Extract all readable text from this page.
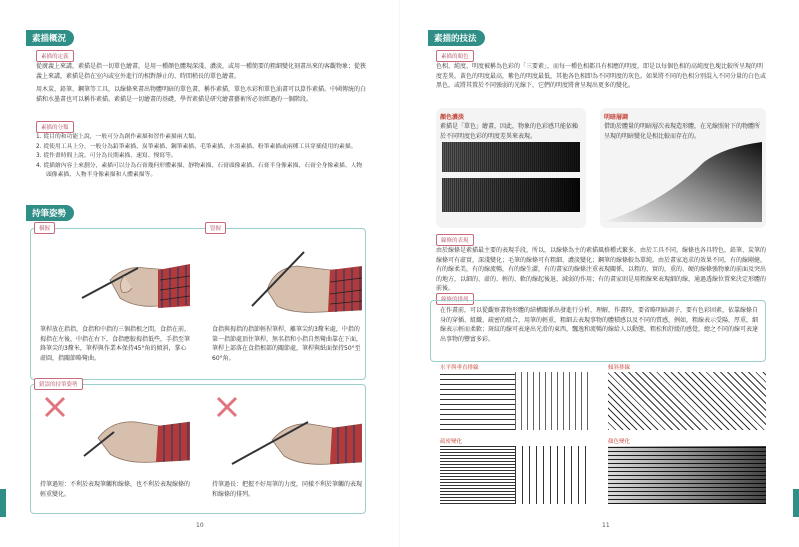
素描概況
素描的定義
從廣義上來講，素描是指一切單色繪畫，是用一種顏色體現深淺、濃淡，或用一種簡要的粗細變化刻畫出來的客觀物象；從狹義上來講，素描是指在室內或室外進行的相對靜止的、時間稍長的單色繪畫。
用木炭、鉛筆、鋼筆等工具，以線條來畫出物體明暗的單色畫，稱作素描，單色水彩和單色油畫可以算作素描。中國傳統的白描和水墨畫也可以稱作素描。素描是一切繪畫的基礎，學習素描是研究繪畫藝術所必須經過的一個階段。
素描的分類
1. 從目的和功能上說，一般可分為創作素描和習作素描兩大類。
2. 從使用工具上分，一般分為鉛筆素描、炭筆素描、鋼筆素描、毛筆素描、水墨素描、粉筆素描或兩種工具穿插使用的素描。
3. 從作畫時間上說，可分為長期素描、速寫、慢寫等。
4. 從描繪內容上來劃分，素描可以分為石膏幾何形體素描、靜物素描、石膏頭像素描、石膏半身像素描、石膏全身像素描、人物頭像素描、人物半身像素描和人體素描等。
持筆姿勢
橫握	豎握
筆桿放在指指，食指和中指的三個指根之間，食指在前，拇指在左後，中指在右下，食指應較拇指低些，手指至筆鋒筆尖的3釐米，筆桿與作業本保持45°角的傾斜，掌心虛圓，指關節略彎曲。
食指與拇指的指節輕捏筆桿，離筆尖約3釐米處，中指的第一指節處頂住筆桿，無名指和小指自然彎曲靠在下面，筆桿上部落在食指根部的關節處，筆桿與紙面保持50°至60°角。
錯誤的持筆姿勢
持筆過短：不利於表現筆觸和線條，也不利於表現線條的輕重變化。
持筆過長：把握不好用筆的力度，同樣不利於筆觸的表現和線條的排列。
10
素描的技法
素描的顏色
色相、純度、明度被稱為色彩的「三要素」，而每一種色相都具有相應的明度，即是以每個色相的高純度色塊比較所呈現的明度差異，黃色的明度最高，紫色的明度最低，其他各色相即為不同明度的灰色。如果將不同的色相分別混入不同分量的白色或黑色，或將其置於不同強弱的光線下，它們的明度將會呈現出更多的變化。
顏色濃淡
素描是「單色」繪畫，因此，物象的色彩感只能依賴於不同明度色彩的明度差異來表現。
明暗層調
借助於體量的明暗層次表現造形體，在光線照射下的物體所呈現的明暗變化是相比較而存在的。
線條的表現
由於線條是素描最主要的表現手段，所以，以線條為主的素描風格種式繁多，由於工具不同，線條也各具特色，鉛筆、炭筆的線條可有虛實，深淺變化；毛筆的線條可有粗細、濃淡變化；鋼筆的線條較為單純。由於畫家追求的效果不同，有的線剛健，有的線柔美，有的線流暢，有的線生澀，有的畫家的線條注重表現關係，以粗的、實的，重的、硬的線條強物象的前面及突出的地方，以細的、虛的、輕的、軟的線起後退、減弱的作用；有的畫家則是用粗線來表現細的線，通過透線位置來決定形體的前後。
線條的排列
在作畫前，可以從觀察畫物形體的結構關係出發進行分析，理解，作畫時，要省略明暗調子，要有色彩固素，依靠線條自身的穿插、組織、疏密的組合，用筆的輕重，粗細去表現事物的體積感以及不同的質感，例如，粗線表示受陽，厚重，細線表示輕而柔軟；斑紋的線可表達出光滑的東西，飄逸和流暢的線給人以動態，粗松和舒緩的感覺，總之不同的線可表達出事物的豐富多彩。
水平與垂直排線	傾斜排線
疏密變化	顏色變化
11
